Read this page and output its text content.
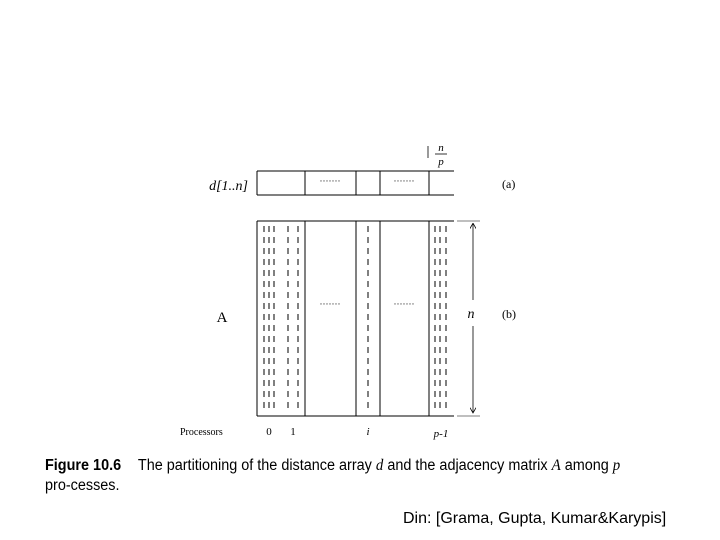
n
p
d[1..n]	·······	·······	(a)
A
·······	·······
n (b)
Processors	0 1	i	p-1
Figure 10.6 The partitioning of the distance array d and the adjacency matrix A among p pro-cesses.
Din: [Grama, Gupta, Kumar&Karypis]
